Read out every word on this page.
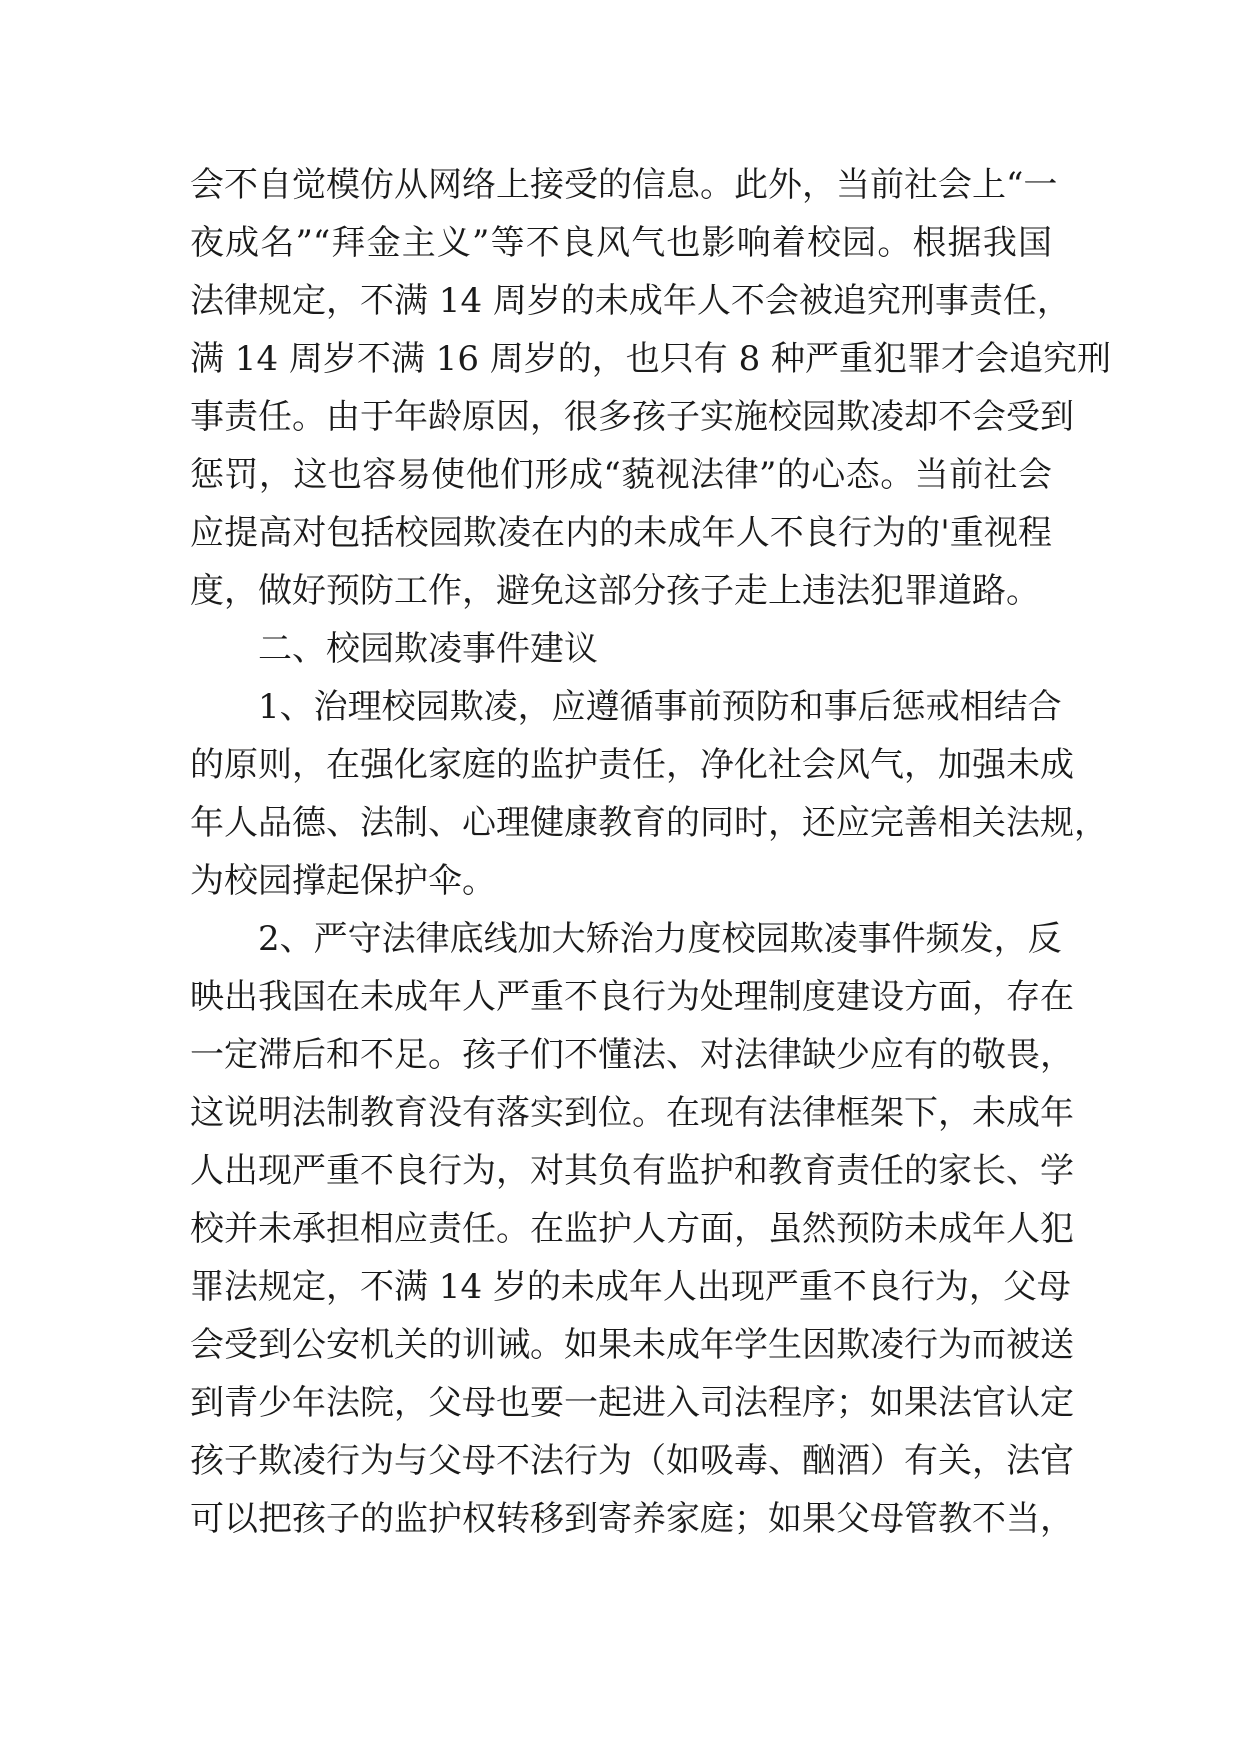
会不自觉模仿从网络上接受的信息。此外，当前社会上“一
夜成名”“拜金主义”等不良风气也影响着校园。根据我国
法律规定，不满 14 周岁的未成年人不会被追究刑事责任，
满 14 周岁不满 16 周岁的，也只有 8 种严重犯罪才会追究刑
事责任。由于年龄原因，很多孩子实施校园欺凌却不会受到
惩罚，这也容易使他们形成“藐视法律”的心态。当前社会
应提高对包括校园欺凌在内的未成年人不良行为的'重视程
度，做好预防工作，避免这部分孩子走上违法犯罪道路。
二、校园欺凌事件建议
1、治理校园欺凌，应遵循事前预防和事后惩戒相结合
的原则，在强化家庭的监护责任，净化社会风气，加强未成
年人品德、法制、心理健康教育的同时，还应完善相关法规，
为校园撑起保护伞。
2、严守法律底线加大矫治力度校园欺凌事件频发，反
映出我国在未成年人严重不良行为处理制度建设方面，存在
一定滞后和不足。孩子们不懂法、对法律缺少应有的敬畏，
这说明法制教育没有落实到位。在现有法律框架下，未成年
人出现严重不良行为，对其负有监护和教育责任的家长、学
校并未承担相应责任。在监护人方面，虽然预防未成年人犯
罪法规定，不满 14 岁的未成年人出现严重不良行为，父母
会受到公安机关的训诫。如果未成年学生因欺凌行为而被送
到青少年法院，父母也要一起进入司法程序；如果法官认定
孩子欺凌行为与父母不法行为（如吸毒、酗酒）有关，法官
可以把孩子的监护权转移到寄养家庭；如果父母管教不当，
